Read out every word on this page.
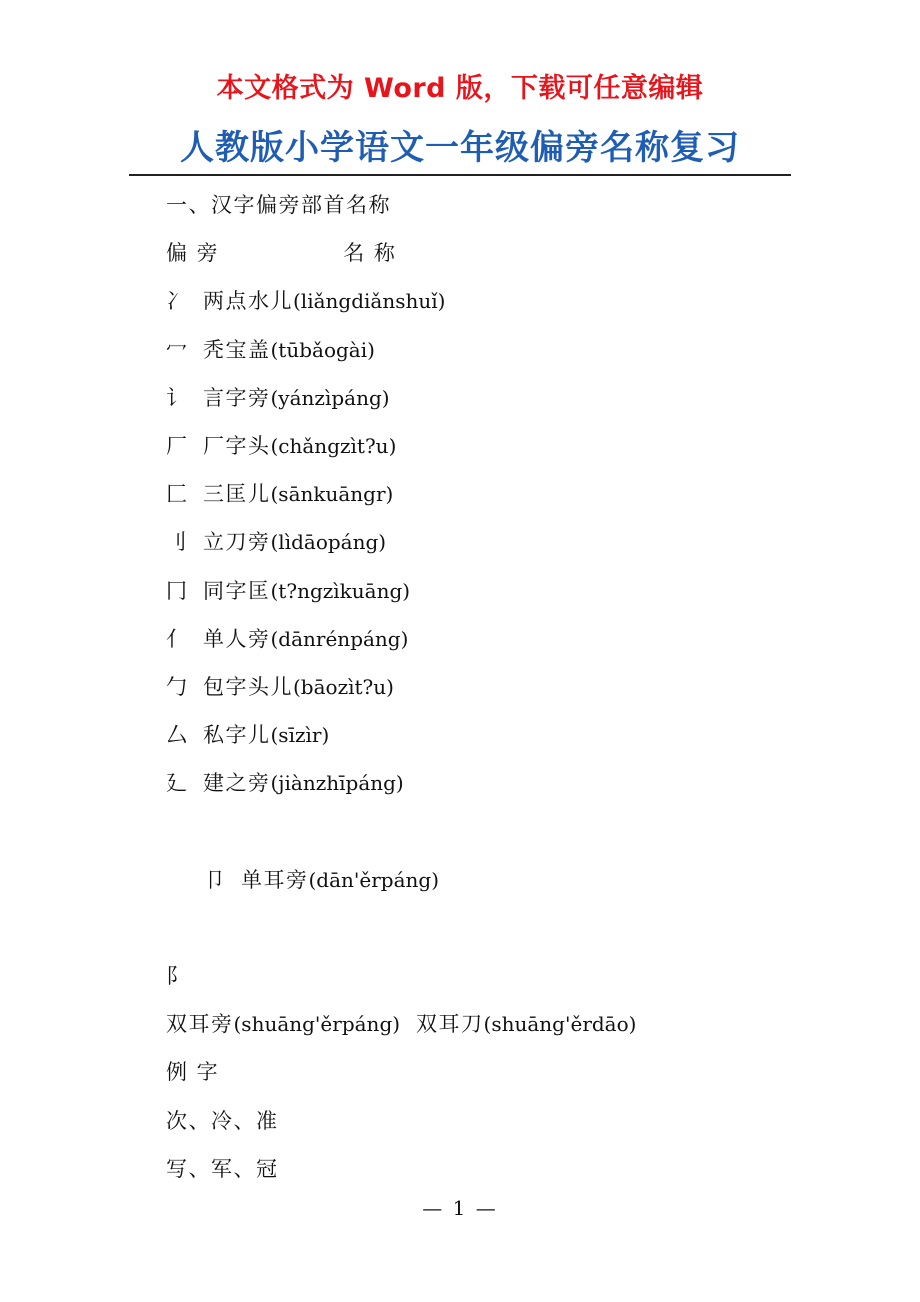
本文格式为 Word 版，下载可任意编辑
人教版小学语文一年级偏旁名称复习
一、汉字偏旁部首名称
偏 旁	名 称
冫 两点水儿(liǎngdiǎnshuǐ)
冖 秃宝盖(tūbǎogài)
讠 言字旁(yánzìpáng)
厂 厂字头(chǎngzìt?u)
匚 三匡儿(sānkuāngr)
刂 立刀旁(lìdāopáng)
冂 同字匡(t?ngzìkuāng)
亻 单人旁(dānrénpáng)
勹 包字头儿(bāozìt?u)
厶 私字儿(sīzìr)
廴 建之旁(jiànzhīpáng)
卩 单耳旁(dān'ěrpáng)
阝
双耳旁(shuāng'ěrpáng) 双耳刀(shuāng'ěrdāo)
例 字
次、冷、准
写、军、冠
— 1 —
